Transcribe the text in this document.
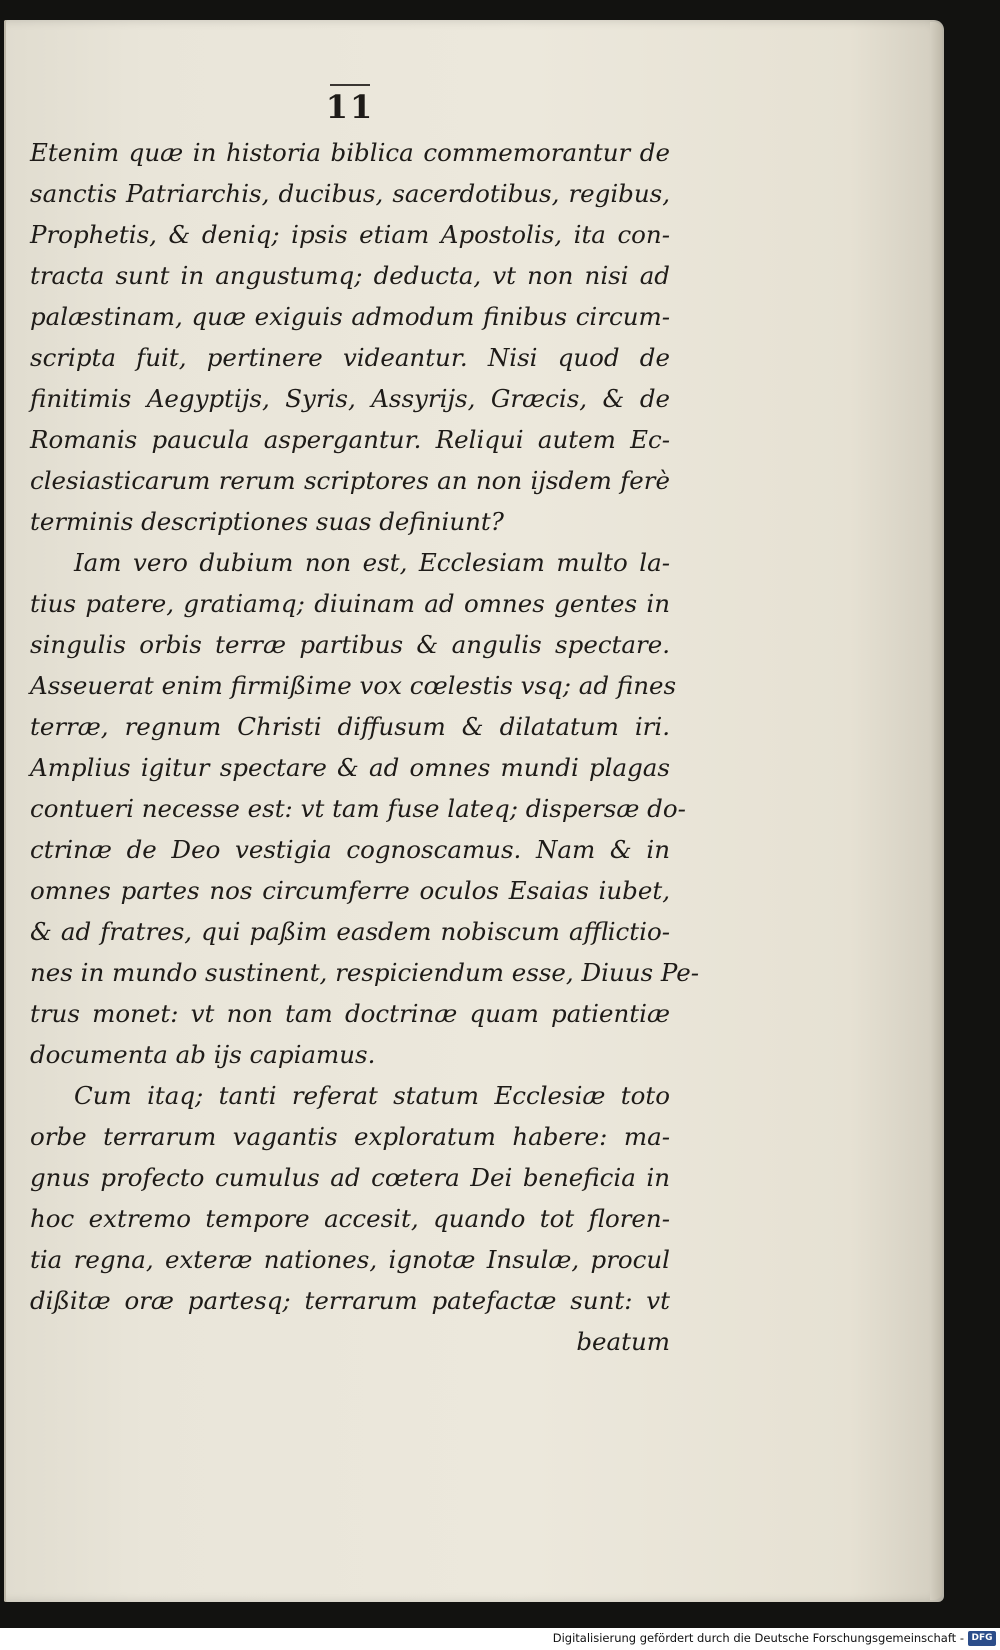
11
Etenim quæ in historia biblica commemorantur de
sanctis Patriarchis, ducibus, sacerdotibus, regibus,
Prophetis, & deniq; ipsis etiam Apostolis, ita con-
tracta sunt in angustumq; deducta, vt non nisi ad
palæstinam, quæ exiguis admodum finibus circum-
scripta fuit, pertinere videantur. Nisi quod de
finitimis Aegyptijs, Syris, Assyrijs, Græcis, & de
Romanis paucula aspergantur. Reliqui autem Ec-
clesiasticarum rerum scriptores an non ijsdem ferè
terminis descriptiones suas definiunt?
Iam vero dubium non est, Ecclesiam multo la-
tius patere, gratiamq; diuinam ad omnes gentes in
singulis orbis terræ partibus & angulis spectare.
Asseuerat enim firmißime vox cœlestis vsq; ad fines
terræ, regnum Christi diffusum & dilatatum iri.
Amplius igitur spectare & ad omnes mundi plagas
contueri necesse est: vt tam fuse lateq; dispersæ do-
ctrinæ de Deo vestigia cognoscamus. Nam & in
omnes partes nos circumferre oculos Esaias iubet,
& ad fratres, qui paßim easdem nobiscum afflictio-
nes in mundo sustinent, respiciendum esse, Diuus Pe-
trus monet: vt non tam doctrinæ quam patientiæ
documenta ab ijs capiamus.
Cum itaq; tanti referat statum Ecclesiæ toto
orbe terrarum vagantis exploratum habere: ma-
gnus profecto cumulus ad cœtera Dei beneficia in
hoc extremo tempore accesit, quando tot floren-
tia regna, exteræ nationes, ignotæ Insulæ, procul
dißitæ oræ partesq; terrarum patefactæ sunt: vt
beatum
Digitalisierung gefördert durch die Deutsche Forschungsgemeinschaft - DFG
